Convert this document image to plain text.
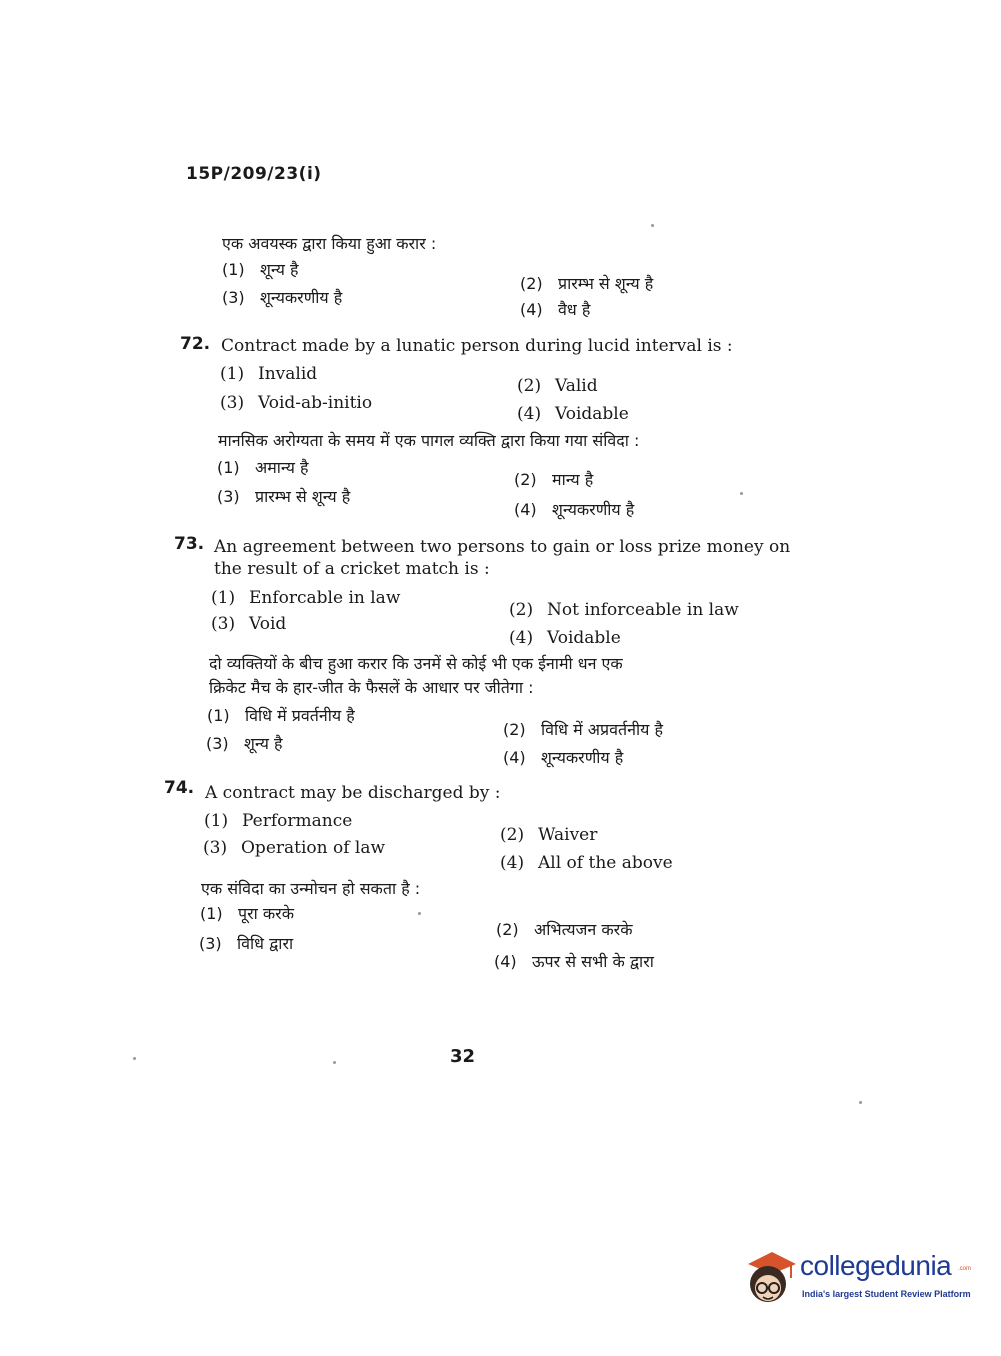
15P/209/23(i)
एक अवयस्क द्वारा किया हुआ करार :
(1) शून्य है
(2) प्रारम्भ से शून्य है
(3) शून्यकरणीय है
(4) वैध है
72. Contract made by a lunatic person during lucid interval is :
(1) Invalid
(2) Valid
(3) Void-ab-initio
(4) Voidable
मानसिक अरोग्यता के समय में एक पागल व्यक्ति द्वारा किया गया संविदा :
(1) अमान्य है
(2) मान्य है
(3) प्रारम्भ से शून्य है
(4) शून्यकरणीय है
73. An agreement between two persons to gain or loss prize money on
the result of a cricket match is :
(1) Enforcable in law
(2) Not inforceable in law
(3) Void
(4) Voidable
दो व्यक्तियों के बीच हुआ करार कि उनमें से कोई भी एक ईनामी धन एक
क्रिकेट मैच के हार-जीत के फैसलें के आधार पर जीतेगा :
(1) विधि में प्रवर्तनीय है
(2) विधि में अप्रवर्तनीय है
(3) शून्य है
(4) शून्यकरणीय है
74. A contract may be discharged by :
(1) Performance
(2) Waiver
(3) Operation of law
(4) All of the above
एक संविदा का उन्मोचन हो सकता है :
(1) पूरा करके
(2) अभित्यजन करके
(3) विधि द्वारा
(4) ऊपर से सभी के द्वारा
32
collegedunia .com
India's largest Student Review Platform
